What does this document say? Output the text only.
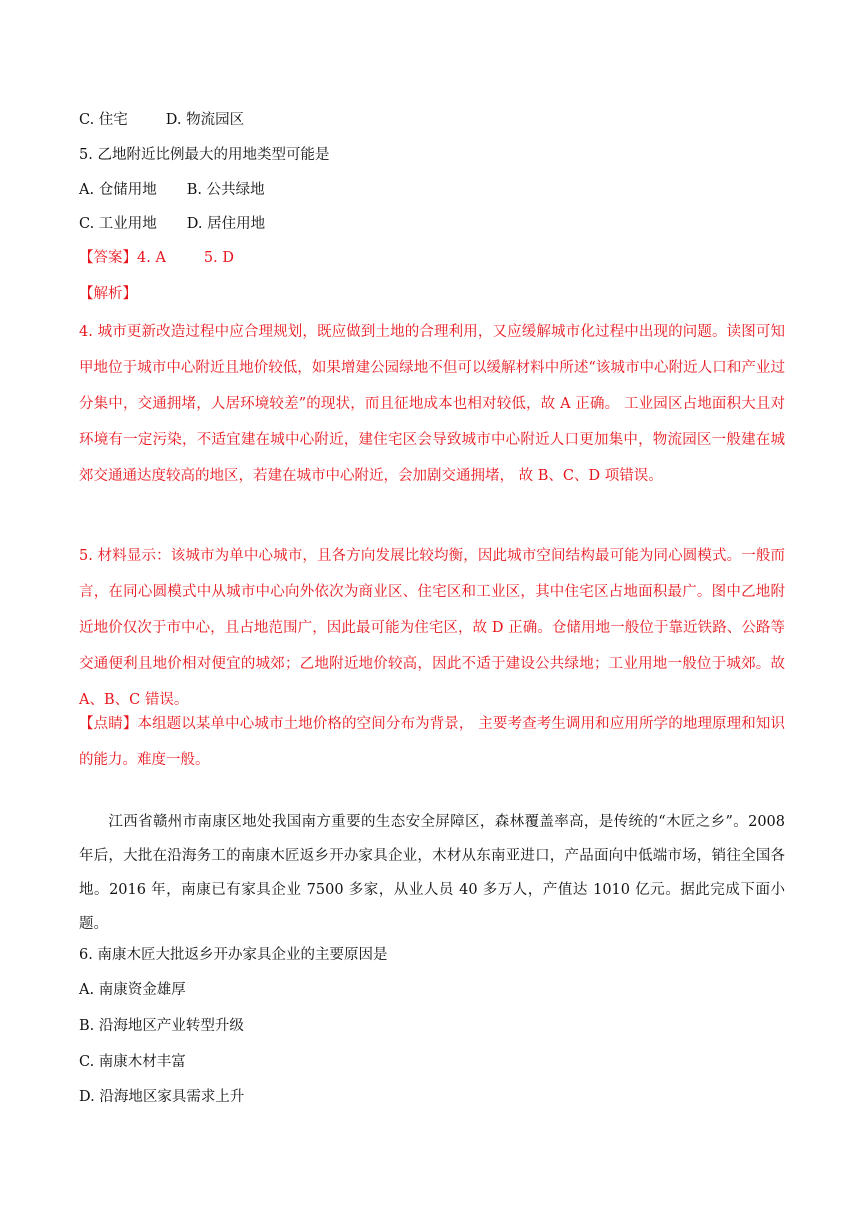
C. 住宅	D. 物流园区
5. 乙地附近比例最大的用地类型可能是
A. 仓储用地 B. 公共绿地
C. 工业用地 D. 居住用地
【答案】4. A	5. D
【解析】
4. 城市更新改造过程中应合理规划，既应做到土地的合理利用，又应缓解城市化过程中出现的问题。读图可知甲地位于城市中心附近且地价较低，如果增建公园绿地不但可以缓解材料中所述“该城市中心附近人口和产业过分集中，交通拥堵，人居环境较差”的现状，而且征地成本也相对较低，故 A 正确。 工业园区占地面积大且对环境有一定污染，不适宜建在城中心附近，建住宅区会导致城市中心附近人口更加集中，物流园区一般建在城郊交通通达度较高的地区，若建在城市中心附近，会加剧交通拥堵， 故 B、C、D 项错误。
5. 材料显示：该城市为单中心城市，且各方向发展比较均衡，因此城市空间结构最可能为同心圆模式。一般而言，在同心圆模式中从城市中心向外依次为商业区、住宅区和工业区，其中住宅区占地面积最广。图中乙地附近地价仅次于市中心，且占地范围广，因此最可能为住宅区，故 D 正确。仓储用地一般位于靠近铁路、公路等交通便利且地价相对便宜的城郊；乙地附近地价较高，因此不适于建设公共绿地；工业用地一般位于城郊。故 A、B、C 错误。
【点睛】本组题以某单中心城市土地价格的空间分布为背景， 主要考查考生调用和应用所学的地理原理和知识的能力。难度一般。
江西省赣州市南康区地处我国南方重要的生态安全屏障区，森林覆盖率高，是传统的“木匠之乡”。2008 年后，大批在沿海务工的南康木匠返乡开办家具企业，木材从东南亚进口，产品面向中低端市场，销往全国各地。2016 年，南康已有家具企业 7500 多家，从业人员 40 多万人，产值达 1010 亿元。据此完成下面小题。
6. 南康木匠大批返乡开办家具企业的主要原因是
A. 南康资金雄厚
B. 沿海地区产业转型升级
C. 南康木材丰富
D. 沿海地区家具需求上升
